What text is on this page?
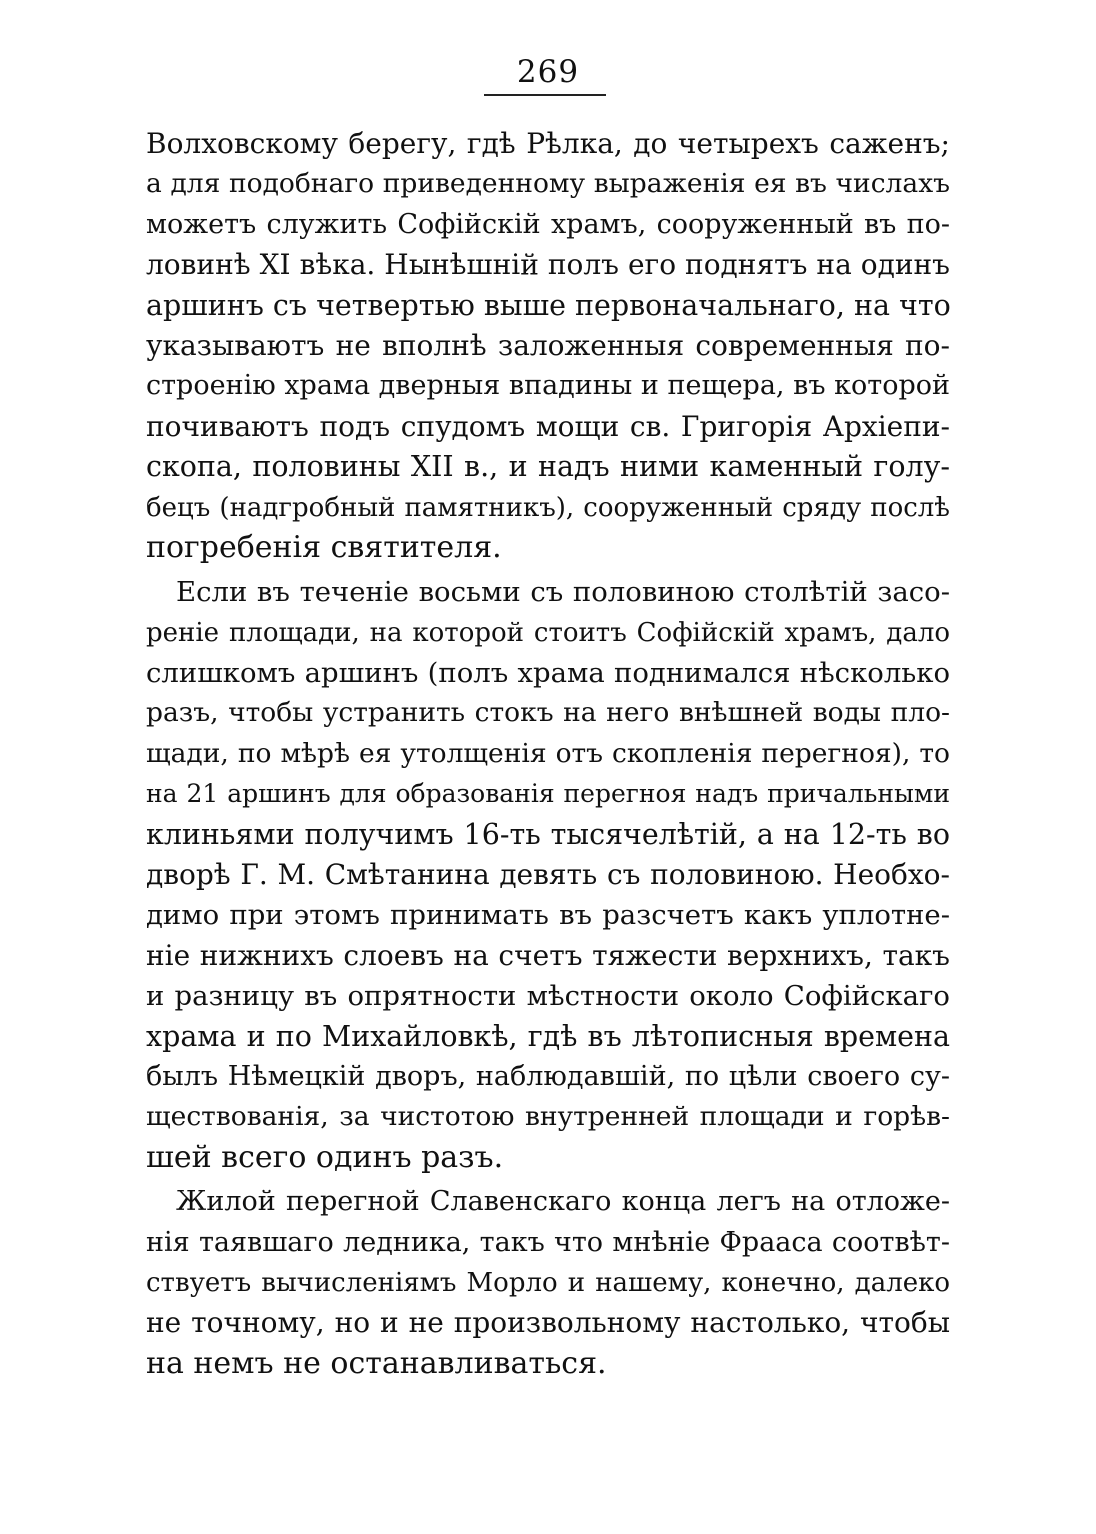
269
Волховскому берегу, гдѣ Рѣлка, до четырехъ саженъ;
а для подобнаго приведенному выраженія ея въ числахъ
можетъ служить Софійскій храмъ, сооруженный въ по-
ловинѣ XI вѣка. Нынѣшній полъ его поднятъ на одинъ
аршинъ съ четвертью выше первоначальнаго, на что
указываютъ не вполнѣ заложенныя современныя по-
строенію храма дверныя впадины и пещера, въ которой
почиваютъ подъ спудомъ мощи св. Григорія Архіепи-
скопа, половины XII в., и надъ ними каменный голу-
бецъ (надгробный памятникъ), сооруженный сряду послѣ
погребенія святителя.
Если въ теченіе восьми съ половиною столѣтій засо-
реніе площади, на которой стоитъ Софійскій храмъ, дало
слишкомъ аршинъ (полъ храма поднимался нѣсколько
разъ, чтобы устранить стокъ на него внѣшней воды пло-
щади, по мѣрѣ ея утолщенія отъ скопленія перегноя), то
на 21 аршинъ для образованія перегноя надъ причальными
клиньями получимъ 16-ть тысячелѣтій, а на 12-ть во
дворѣ Г. М. Смѣтанина девять съ половиною. Необхо-
димо при этомъ принимать въ разсчетъ какъ уплотне-
ніе нижнихъ слоевъ на счетъ тяжести верхнихъ, такъ
и разницу въ опрятности мѣстности около Софійскаго
храма и по Михайловкѣ, гдѣ въ лѣтописныя времена
былъ Нѣмецкій дворъ, наблюдавшій, по цѣли своего су-
ществованія, за чистотою внутренней площади и горѣв-
шей всего одинъ разъ.
Жилой перегной Славенскаго конца легъ на отложе-
нія таявшаго ледника, такъ что мнѣніе Фрааса соотвѣт-
ствуетъ вычисленіямъ Морло и нашему, конечно, далеко
не точному, но и не произвольному настолько, чтобы
на немъ не останавливаться.
